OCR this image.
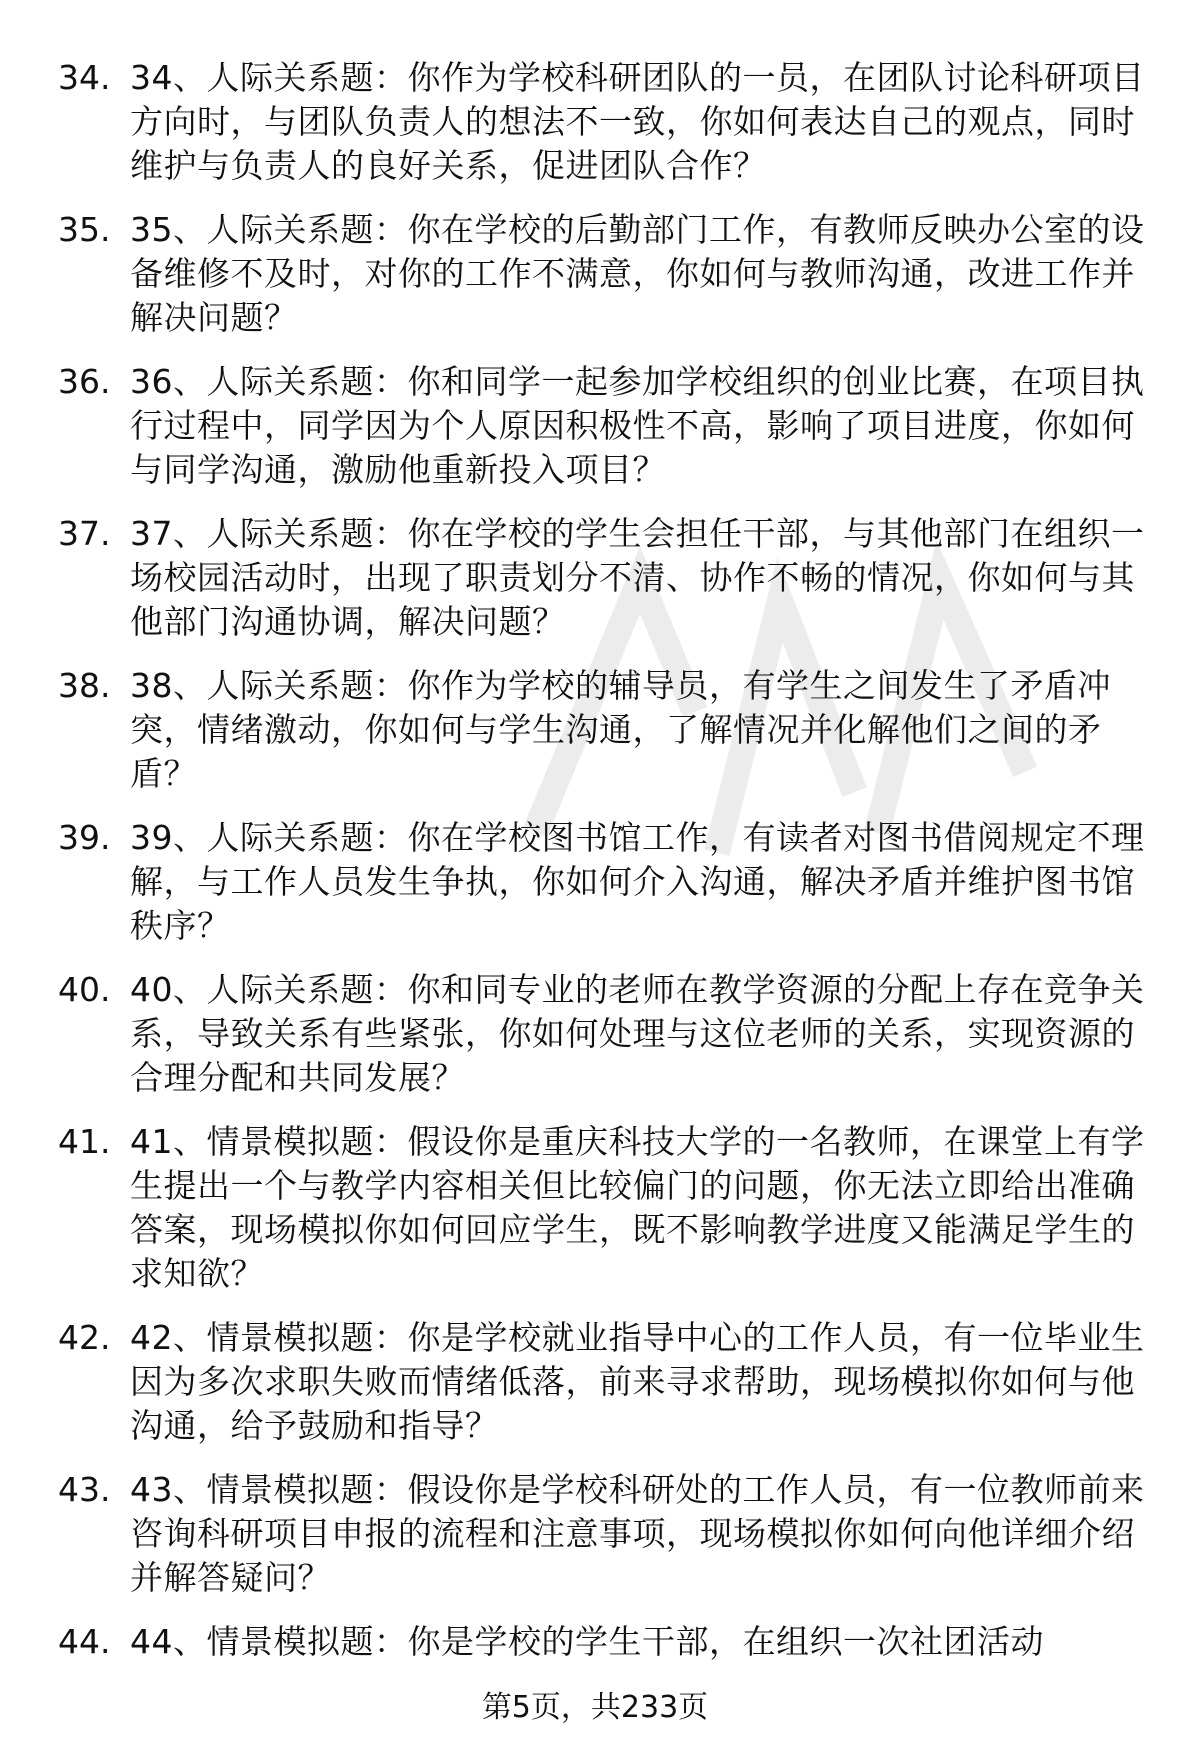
34. 34、人际关系题：你作为学校科研团队的一员，在团队讨论科研项目方向时，与团队负责人的想法不一致，你如何表达自己的观点，同时维护与负责人的良好关系，促进团队合作？
35. 35、人际关系题：你在学校的后勤部门工作，有教师反映办公室的设备维修不及时，对你的工作不满意，你如何与教师沟通，改进工作并解决问题？
36. 36、人际关系题：你和同学一起参加学校组织的创业比赛，在项目执行过程中，同学因为个人原因积极性不高，影响了项目进度，你如何与同学沟通，激励他重新投入项目？
37. 37、人际关系题：你在学校的学生会担任干部，与其他部门在组织一场校园活动时，出现了职责划分不清、协作不畅的情况，你如何与其他部门沟通协调，解决问题？
38. 38、人际关系题：你作为学校的辅导员，有学生之间发生了矛盾冲突，情绪激动，你如何与学生沟通，了解情况并化解他们之间的矛盾？
39. 39、人际关系题：你在学校图书馆工作，有读者对图书借阅规定不理解，与工作人员发生争执，你如何介入沟通，解决矛盾并维护图书馆秩序？
40. 40、人际关系题：你和同专业的老师在教学资源的分配上存在竞争关系，导致关系有些紧张，你如何处理与这位老师的关系，实现资源的合理分配和共同发展？
41. 41、情景模拟题：假设你是重庆科技大学的一名教师，在课堂上有学生提出一个与教学内容相关但比较偏门的问题，你无法立即给出准确答案，现场模拟你如何回应学生，既不影响教学进度又能满足学生的求知欲？
42. 42、情景模拟题：你是学校就业指导中心的工作人员，有一位毕业生因为多次求职失败而情绪低落，前来寻求帮助，现场模拟你如何与他沟通，给予鼓励和指导？
43. 43、情景模拟题：假设你是学校科研处的工作人员，有一位教师前来咨询科研项目申报的流程和注意事项，现场模拟你如何向他详细介绍并解答疑问？
44. 44、情景模拟题：你是学校的学生干部，在组织一次社团活动
第5页，共233页
